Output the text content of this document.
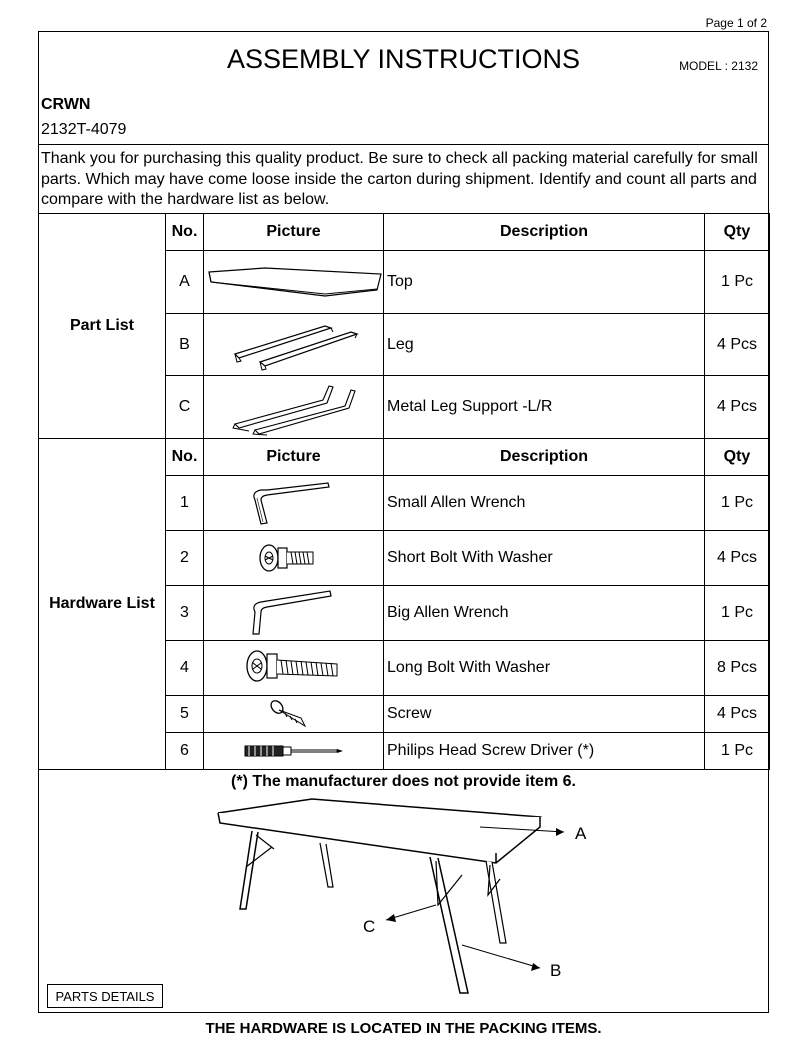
Page 1 of 2
ASSEMBLY INSTRUCTIONS	MODEL : 2132
CRWN
2132T-4079
Thank you for purchasing this quality product. Be sure to check all packing material carefully for small parts. Which may have come loose inside the carton during shipment. Identify and count all parts and compare with the hardware list as below.
Part List	No.	Picture	Description	Qty
	A		Top	1 Pc
	B		Leg	4 Pcs
	C		Metal Leg Support -L/R	4 Pcs
Hardware List	No.	Picture	Description	Qty
	1		Small Allen Wrench	1 Pc
	2		Short Bolt With Washer	4 Pcs
	3		Big Allen Wrench	1 Pc
	4		Long Bolt With Washer	8 Pcs
	5		Screw	4 Pcs
	6		Philips Head Screw Driver (*)	1 Pc
(*) The manufacturer does not provide item 6.
A
B
C
PARTS DETAILS
THE HARDWARE IS LOCATED IN THE PACKING ITEMS.
